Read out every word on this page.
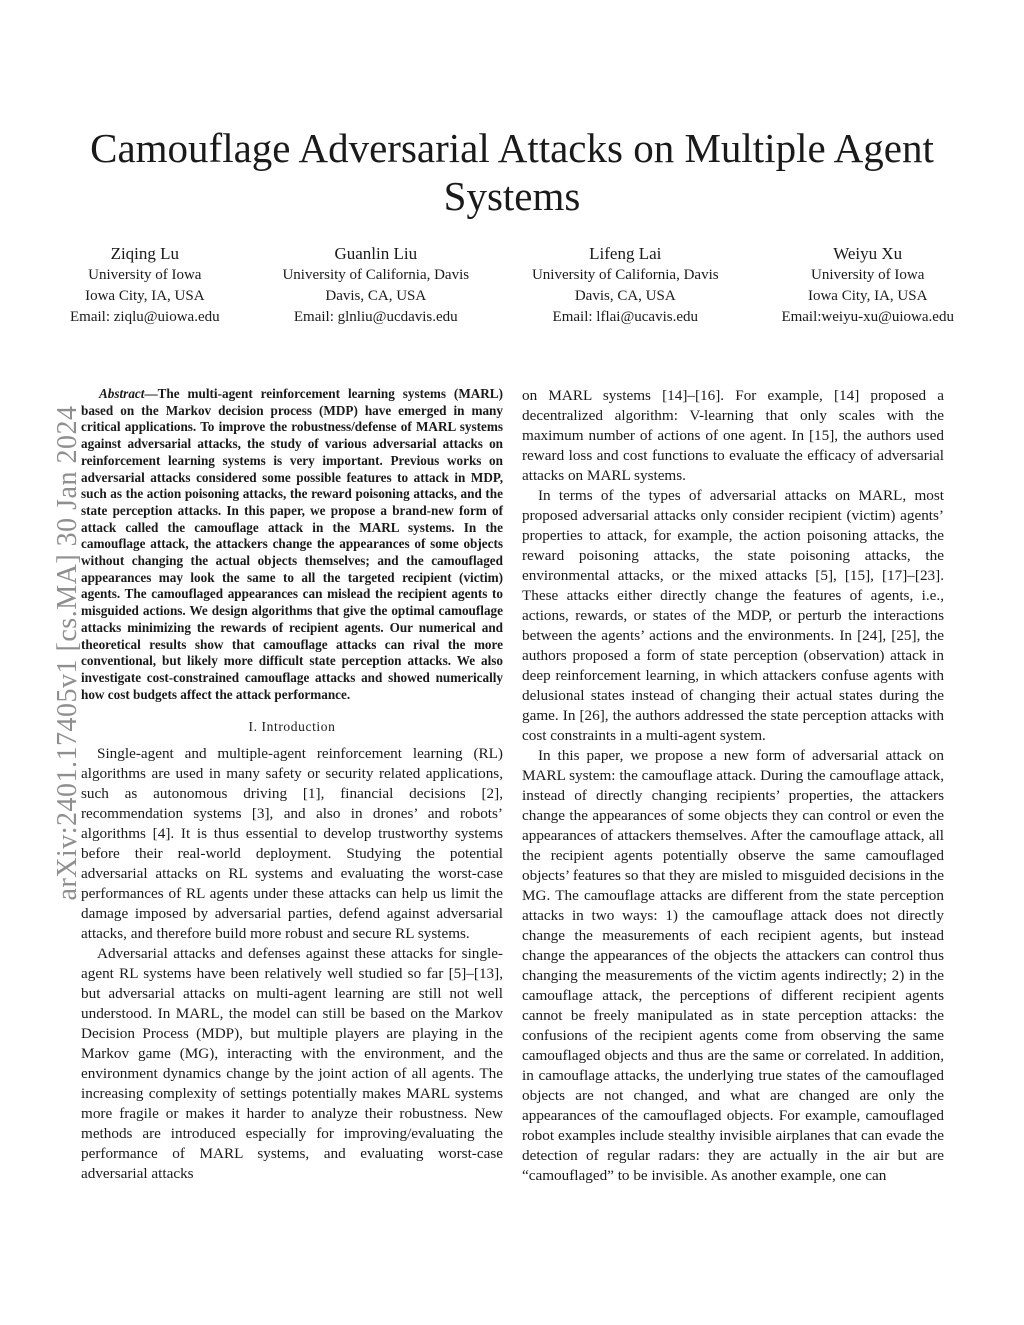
Camouflage Adversarial Attacks on Multiple Agent Systems
Ziqing Lu
University of Iowa
Iowa City, IA, USA
Email: ziqlu@uiowa.edu
Guanlin Liu
University of California, Davis
Davis, CA, USA
Email: glnliu@ucdavis.edu
Lifeng Lai
University of California, Davis
Davis, CA, USA
Email: lflai@ucavis.edu
Weiyu Xu
University of Iowa
Iowa City, IA, USA
Email:weiyu-xu@uiowa.edu
arXiv:2401.17405v1 [cs.MA] 30 Jan 2024

Abstract—The multi-agent reinforcement learning systems (MARL) based on the Markov decision process (MDP) have emerged in many critical applications. To improve the robustness/defense of MARL systems against adversarial attacks, the study of various adversarial attacks on reinforcement learning systems is very important. Previous works on adversarial attacks considered some possible features to attack in MDP, such as the action poisoning attacks, the reward poisoning attacks, and the state perception attacks. In this paper, we propose a brand-new form of attack called the camouflage attack in the MARL systems. In the camouflage attack, the attackers change the appearances of some objects without changing the actual objects themselves; and the camouflaged appearances may look the same to all the targeted recipient (victim) agents. The camouflaged appearances can mislead the recipient agents to misguided actions. We design algorithms that give the optimal camouflage attacks minimizing the rewards of recipient agents. Our numerical and theoretical results show that camouflage attacks can rival the more conventional, but likely more difficult state perception attacks. We also investigate cost-constrained camouflage attacks and showed numerically how cost budgets affect the attack performance.

I. Introduction

Single-agent and multiple-agent reinforcement learning (RL) algorithms are used in many safety or security related applications, such as autonomous driving [1], financial decisions [2], recommendation systems [3], and also in drones’ and robots’ algorithms [4]. It is thus essential to develop trustworthy systems before their real-world deployment. Studying the potential adversarial attacks on RL systems and evaluating the worst-case performances of RL agents under these attacks can help us limit the damage imposed by adversarial parties, defend against adversarial attacks, and therefore build more robust and secure RL systems.

Adversarial attacks and defenses against these attacks for single-agent RL systems have been relatively well studied so far [5]–[13], but adversarial attacks on multi-agent learning are still not well understood. In MARL, the model can still be based on the Markov Decision Process (MDP), but multiple players are playing in the Markov game (MG), interacting with the environment, and the environment dynamics change by the joint action of all agents. The increasing complexity of settings potentially makes MARL systems more fragile or makes it harder to analyze their robustness. New methods are introduced especially for improving/evaluating the performance of MARL systems, and evaluating worst-case adversarial attacks

on MARL systems [14]–[16]. For example, [14] proposed a decentralized algorithm: V-learning that only scales with the maximum number of actions of one agent. In [15], the authors used reward loss and cost functions to evaluate the efficacy of adversarial attacks on MARL systems.

In terms of the types of adversarial attacks on MARL, most proposed adversarial attacks only consider recipient (victim) agents’ properties to attack, for example, the action poisoning attacks, the reward poisoning attacks, the state poisoning attacks, the environmental attacks, or the mixed attacks [5], [15], [17]–[23]. These attacks either directly change the features of agents, i.e., actions, rewards, or states of the MDP, or perturb the interactions between the agents’ actions and the environments. In [24], [25], the authors proposed a form of state perception (observation) attack in deep reinforcement learning, in which attackers confuse agents with delusional states instead of changing their actual states during the game. In [26], the authors addressed the state perception attacks with cost constraints in a multi-agent system.

In this paper, we propose a new form of adversarial attack on MARL system: the camouflage attack. During the camouflage attack, instead of directly changing recipients’ properties, the attackers change the appearances of some objects they can control or even the appearances of attackers themselves. After the camouflage attack, all the recipient agents potentially observe the same camouflaged objects’ features so that they are misled to misguided decisions in the MG. The camouflage attacks are different from the state perception attacks in two ways: 1) the camouflage attack does not directly change the measurements of each recipient agents, but instead change the appearances of the objects the attackers can control thus changing the measurements of the victim agents indirectly; 2) in the camouflage attack, the perceptions of different recipient agents cannot be freely manipulated as in state perception attacks: the confusions of the recipient agents come from observing the same camouflaged objects and thus are the same or correlated. In addition, in camouflage attacks, the underlying true states of the camouflaged objects are not changed, and what are changed are only the appearances of the camouflaged objects. For example, camouflaged robot examples include stealthy invisible airplanes that can evade the detection of regular radars: they are actually in the air but are “camouflaged” to be invisible. As another example, one can
